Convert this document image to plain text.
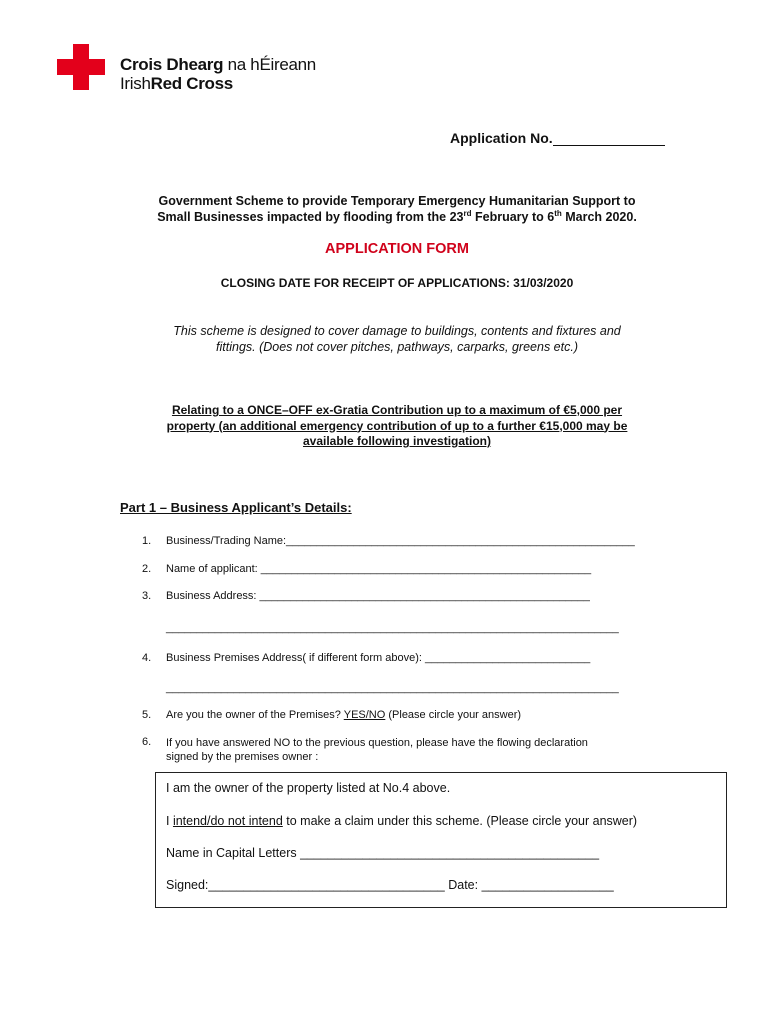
Crois Dhearg na hÉireann
IrishRed Cross
Application No.
Government Scheme to provide Temporary Emergency Humanitarian Support to
Small Businesses impacted by flooding from the 23rd February to 6th March 2020.
APPLICATION FORM
CLOSING DATE FOR RECEIPT OF APPLICATIONS: 31/03/2020
This scheme is designed to cover damage to buildings, contents and fixtures and
fittings. (Does not cover pitches, pathways, carparks, greens etc.)
Relating to a ONCE–OFF ex-Gratia Contribution up to a maximum of €5,000 per
property (an additional emergency contribution of up to a further €15,000 may be
available following investigation)
Part 1 – Business Applicant’s Details:
1. Business/Trading Name:_________________________________________________________
2. Name of applicant: ______________________________________________________
3. Business Address: ______________________________________________________
__________________________________________________________________________
4. Business Premises Address( if different form above): ___________________________
__________________________________________________________________________
5. Are you the owner of the Premises? YES/NO (Please circle your answer)
6. If you have answered NO to the previous question, please have the flowing declaration
signed by the premises owner :
I am the owner of the property listed at No.4 above.
I intend/do not intend to make a claim under this scheme. (Please circle your answer)
Name in Capital Letters ___________________________________________
Signed:__________________________________ Date: ___________________
